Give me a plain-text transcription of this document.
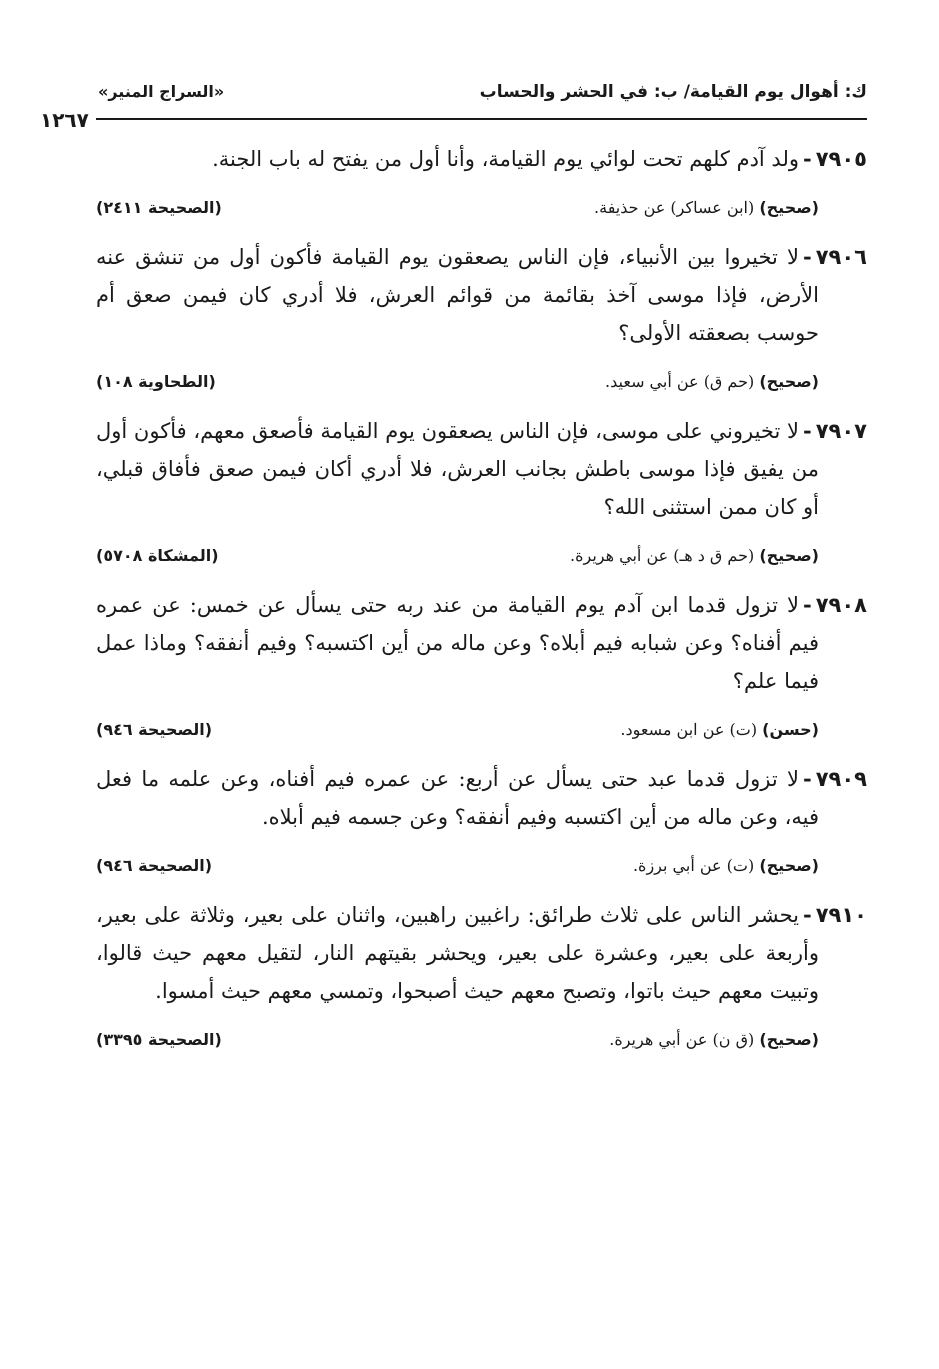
ك: أهوال يوم القيامة/ ب: في الحشر والحساب
«السراج المنير»
١٢٦٧
٧٩٠٥-ولد آدم كلهم تحت لوائي يوم القيامة، وأنا أول من يفتح له باب الجنة.
(صحيح) (ابن عساكر) عن حذيفة.
(الصحيحة ٢٤١١)
٧٩٠٦-لا تخيروا بين الأنبياء، فإن الناس يصعقون يوم القيامة فأكون أول من تنشق عنه الأرض، فإذا موسى آخذ بقائمة من قوائم العرش، فلا أدري كان فيمن صعق أم حوسب بصعقته الأولى؟
(صحيح) (حم ق) عن أبي سعيد.
(الطحاوية ١٠٨)
٧٩٠٧-لا تخيروني على موسى، فإن الناس يصعقون يوم القيامة فأصعق معهم، فأكون أول من يفيق فإذا موسى باطش بجانب العرش، فلا أدري أكان فيمن صعق فأفاق قبلي، أو كان ممن استثنى الله؟
(صحيح) (حم ق د هـ) عن أبي هريرة.
(المشكاة ٥٧٠٨)
٧٩٠٨-لا تزول قدما ابن آدم يوم القيامة من عند ربه حتى يسأل عن خمس: عن عمره فيم أفناه؟ وعن شبابه فيم أبلاه؟ وعن ماله من أين اكتسبه؟ وفيم أنفقه؟ وماذا عمل فيما علم؟
(حسن) (ت) عن ابن مسعود.
(الصحيحة ٩٤٦)
٧٩٠٩-لا تزول قدما عبد حتى يسأل عن أربع: عن عمره فيم أفناه، وعن علمه ما فعل فيه، وعن ماله من أين اكتسبه وفيم أنفقه؟ وعن جسمه فيم أبلاه.
(صحيح) (ت) عن أبي برزة.
(الصحيحة ٩٤٦)
٧٩١٠-يحشر الناس على ثلاث طرائق: راغبين راهبين، واثنان على بعير، وثلاثة على بعير، وأربعة على بعير، وعشرة على بعير، ويحشر بقيتهم النار، لتقيل معهم حيث قالوا، وتبيت معهم حيث باتوا، وتصبح معهم حيث أصبحوا، وتمسي معهم حيث أمسوا.
(صحيح) (ق ن) عن أبي هريرة.
(الصحيحة ٣٣٩٥)
